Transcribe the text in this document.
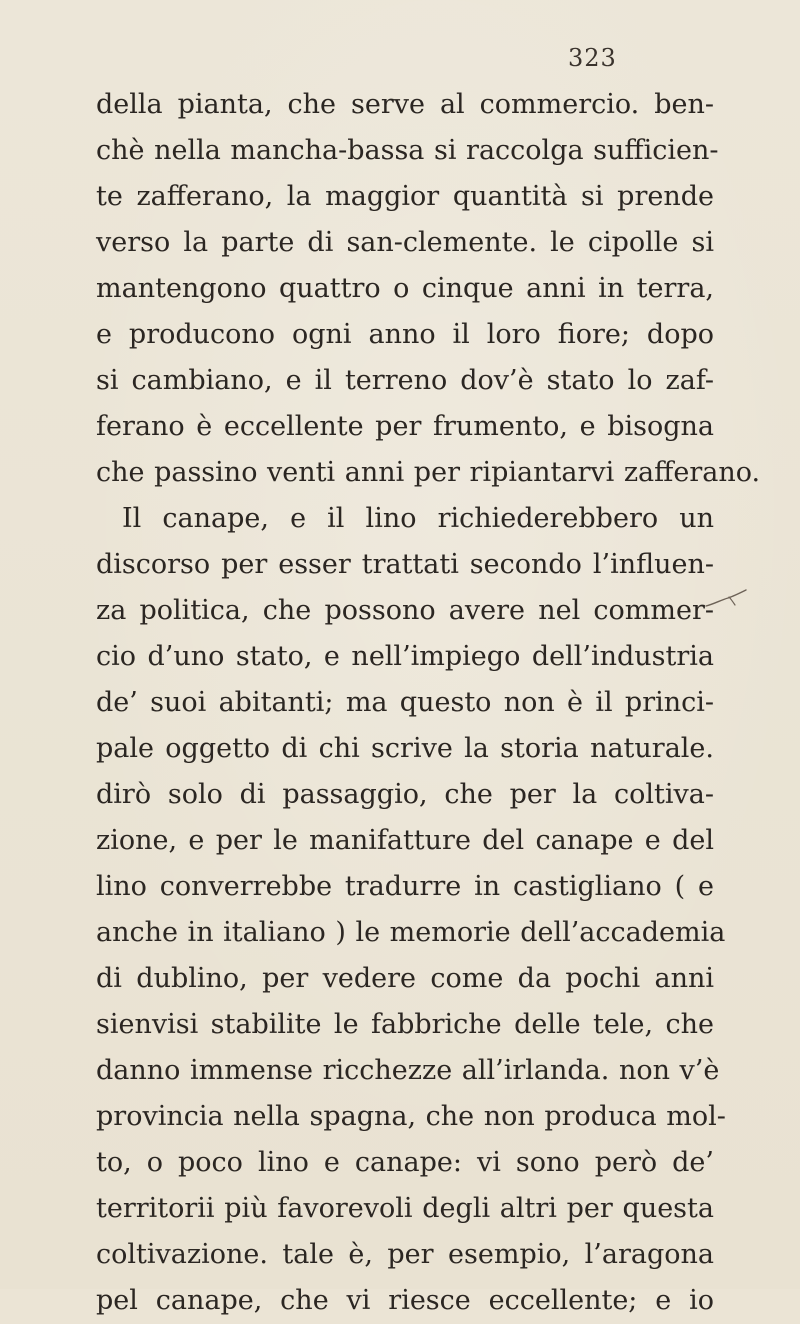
323
della pianta, che serve al commercio. ben-
chè nella mancha-bassa si raccolga sufficien-
te zafferano, la maggior quantità si prende
verso la parte di san-clemente. le cipolle si
mantengono quattro o cinque anni in terra,
e producono ogni anno il loro fiore; dopo
si cambiano, e il terreno dov’è stato lo zaf-
ferano è eccellente per frumento, e bisogna
che passino venti anni per ripiantarvi zafferano.
Il canape, e il lino richiederebbero un
discorso per esser trattati secondo l’influen-
za politica, che possono avere nel commer-
cio d’uno stato, e nell’impiego dell’industria
de’ suoi abitanti; ma questo non è il princi-
pale oggetto di chi scrive la storia naturale.
dirò solo di passaggio, che per la coltiva-
zione, e per le manifatture del canape e del
lino converrebbe tradurre in castigliano ( e
anche in italiano ) le memorie dell’accademia
di dublino, per vedere come da pochi anni
sienvisi stabilite le fabbriche delle tele, che
danno immense ricchezze all’irlanda. non v’è
provincia nella spagna, che non produca mol-
to, o poco lino e canape: vi sono però de’
territorii più favorevoli degli altri per questa
coltivazione. tale è, per esempio, l’aragona
pel canape, che vi riesce eccellente; e io
